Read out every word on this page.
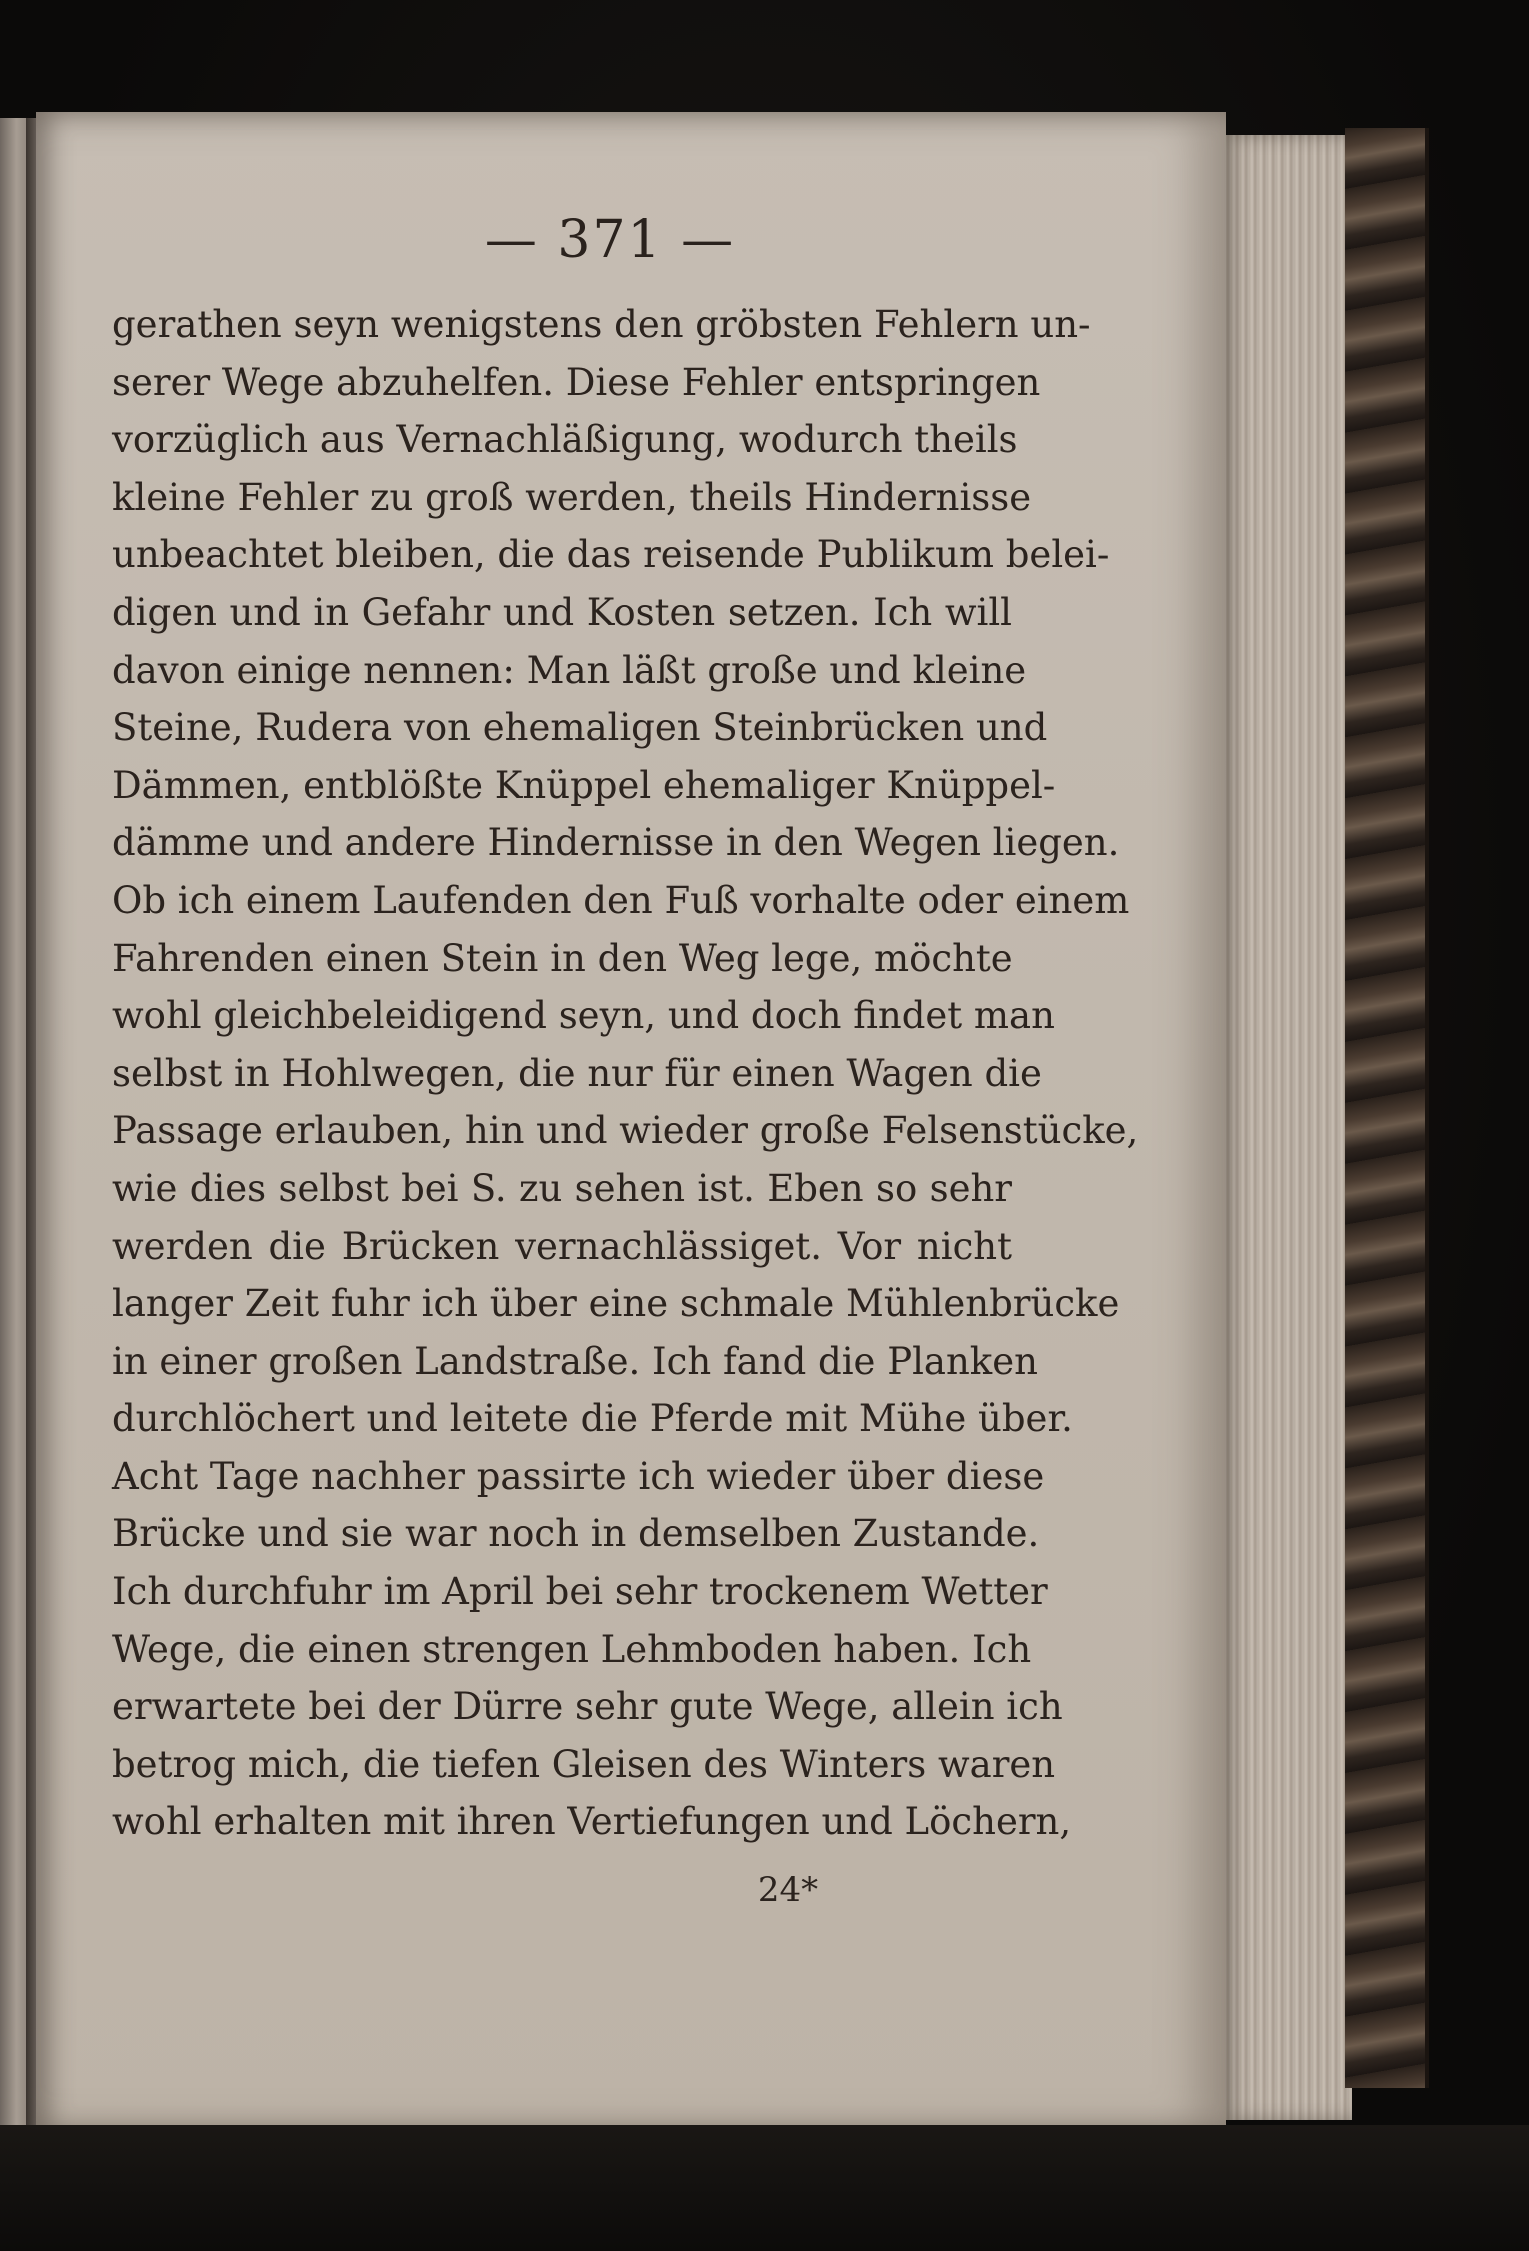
— 371 —
gerathen seyn wenigstens den gröbsten Fehlern un-
serer Wege abzuhelfen. Diese Fehler entspringen
vorzüglich aus Vernachläßigung, wodurch theils
kleine Fehler zu groß werden, theils Hindernisse
unbeachtet bleiben, die das reisende Publikum belei-
digen und in Gefahr und Kosten setzen. Ich will
davon einige nennen: Man läßt große und kleine
Steine, Rudera von ehemaligen Steinbrücken und
Dämmen, entblößte Knüppel ehemaliger Knüppel-
dämme und andere Hindernisse in den Wegen liegen.
Ob ich einem Laufenden den Fuß vorhalte oder einem
Fahrenden einen Stein in den Weg lege, möchte
wohl gleichbeleidigend seyn, und doch findet man
selbst in Hohlwegen, die nur für einen Wagen die
Passage erlauben, hin und wieder große Felsenstücke,
wie dies selbst bei S. zu sehen ist. Eben so sehr
werden die Brücken vernachlässiget. Vor nicht
langer Zeit fuhr ich über eine schmale Mühlenbrücke
in einer großen Landstraße. Ich fand die Planken
durchlöchert und leitete die Pferde mit Mühe über.
Acht Tage nachher passirte ich wieder über diese
Brücke und sie war noch in demselben Zustande.
Ich durchfuhr im April bei sehr trockenem Wetter
Wege, die einen strengen Lehmboden haben. Ich
erwartete bei der Dürre sehr gute Wege, allein ich
betrog mich, die tiefen Gleisen des Winters waren
wohl erhalten mit ihren Vertiefungen und Löchern,
24*
